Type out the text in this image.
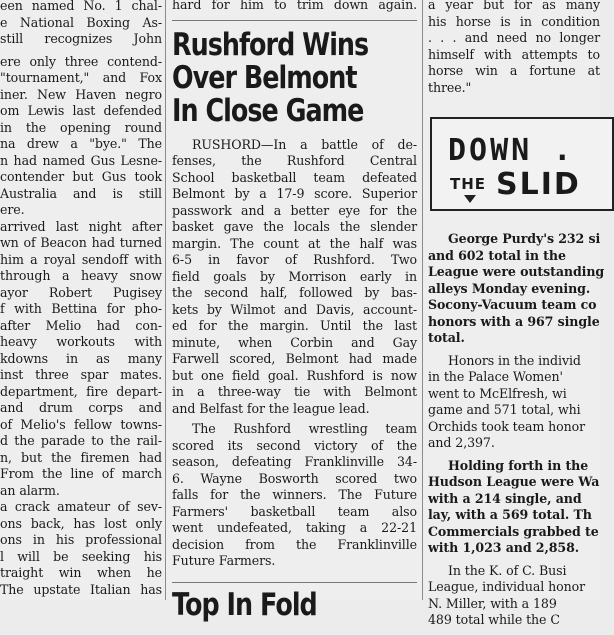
een named No. 1 chal-

e National Boxing As-

still recognizes John

ere only three contend-

"tournament," and Fox

iner. New Haven negro

om Lewis last defended

in the opening round

na drew a "bye." The

n had named Gus Lesne-

contender but Gus took

Australia and is still

ere.

arrived last night after

wn of Beacon had turned

him a royal sendoff with

through a heavy snow

ayor Robert Pugisey

f with Bettina for pho-

after Melio had con-

heavy workouts with

kdowns in as many

inst three spar mates.

department, fire depart-

and drum corps and

of Melio's fellow towns-

d the parade to the rail-

n, but the firemen had

From the line of march

an alarm.

a crack amateur of sev-

ons back, has lost only

ons in his professional

l will be seeking his

traight win when he

The upstate Italian has

hard for him to trim down again.

Rushford Wins
Over Belmont
In Close Game

RUSHORD—In a battle of de-

fenses, the Rushford Central

School basketball team defeated

Belmont by a 17-9 score. Superior

passwork and a better eye for the

basket gave the locals the slender

margin. The count at the half was

6-5 in favor of Rushford. Two

field goals by Morrison early in

the second half, followed by bas-

kets by Wilmot and Davis, account-

ed for the margin. Until the last

minute, when Corbin and Gay

Farwell scored, Belmont had made

but one field goal. Rushford is now

in a three-way tie with Belmont

and Belfast for the league lead.

The Rushford wrestling team

scored its second victory of the

season, defeating Franklinville 34-

6. Wayne Bosworth scored two

falls for the winners. The Future

Farmers' basketball team also

went undefeated, taking a 22-21

decision from the Franklinville

Future Farmers.

Top In Fold

a year but for as many

his horse is in condition

. . . and need no longer

himself with attempts to

horse win a fortune at

three."

DOWN .
THE SLID

George Purdy's 232 si

and 602 total in the

League were outstanding

alleys Monday evening.

Socony-Vacuum team co

honors with a 967 single

total.

Honors in the individ

in the Palace Women'

went to McElfresh, wi

game and 571 total, whi

Orchids took team honor

and 2,397.

Holding forth in the

Hudson League were Wa

with a 214 single, and

lay, with a 569 total. Th

Commercials grabbed te

with 1,023 and 2,858.

In the K. of C. Busi

League, individual honor

N. Miller, with a 189

489 total while the C
